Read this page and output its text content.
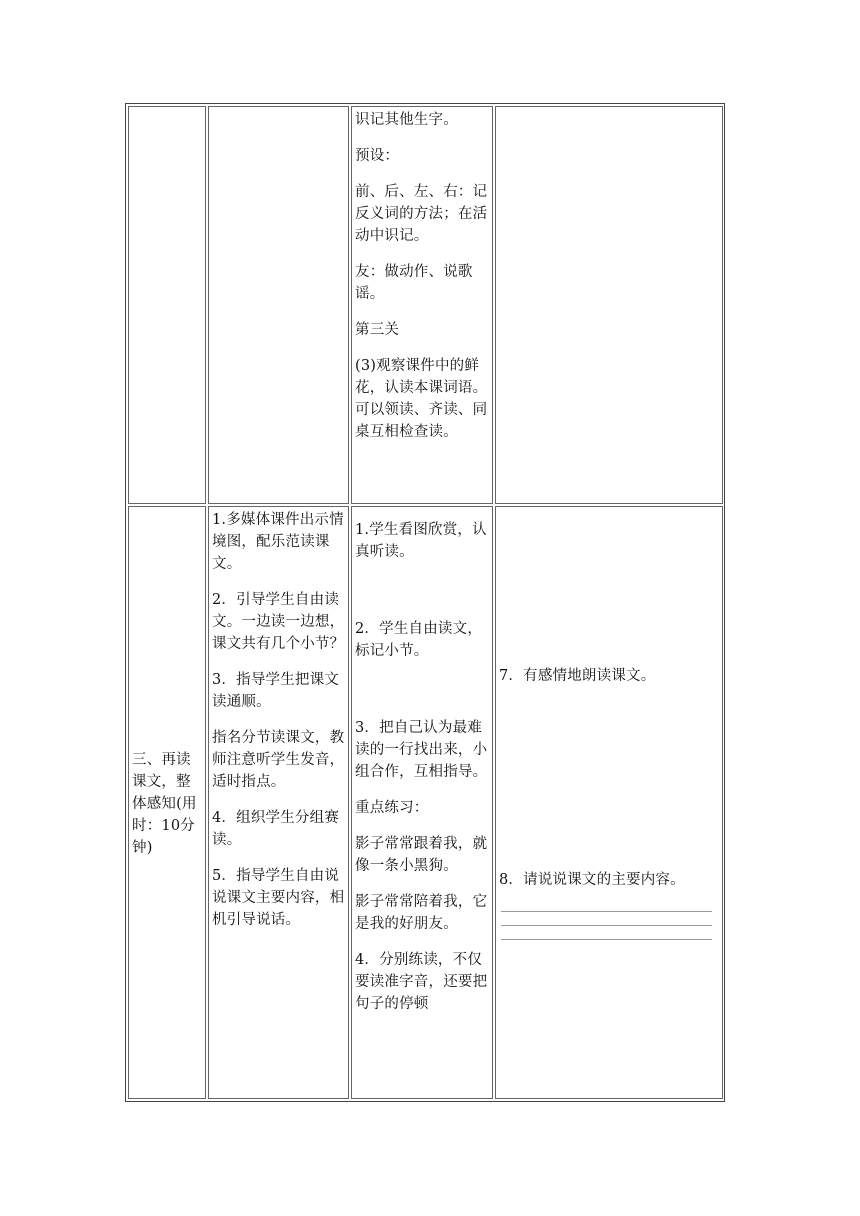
识记其他生字。

预设：

前、后、左、右：记反义词的方法；在活动中识记。

友：做动作、说歌谣。

第三关

(3)观察课件中的鲜花，认读本课词语。可以领读、齐读、同桌互相检查读。

三、再读课文，整体感知(用时：10分钟)

1.多媒体课件出示情境图，配乐范读课文。

2．引导学生自由读文。一边读一边想，课文共有几个小节？

3．指导学生把课文读通顺。

指名分节读课文，教师注意听学生发音，适时指点。

4．组织学生分组赛读。

5．指导学生自由说说课文主要内容，相机引导说话。

1.学生看图欣赏，认真听读。

2．学生自由读文，标记小节。

3．把自己认为最难读的一行找出来，小组合作，互相指导。

重点练习：

影子常常跟着我，就像一条小黑狗。

影子常常陪着我，它是我的好朋友。

4．分别练读，不仅要读准字音，还要把句子的停顿

7．有感情地朗读课文。

8．请说说课文的主要内容。
